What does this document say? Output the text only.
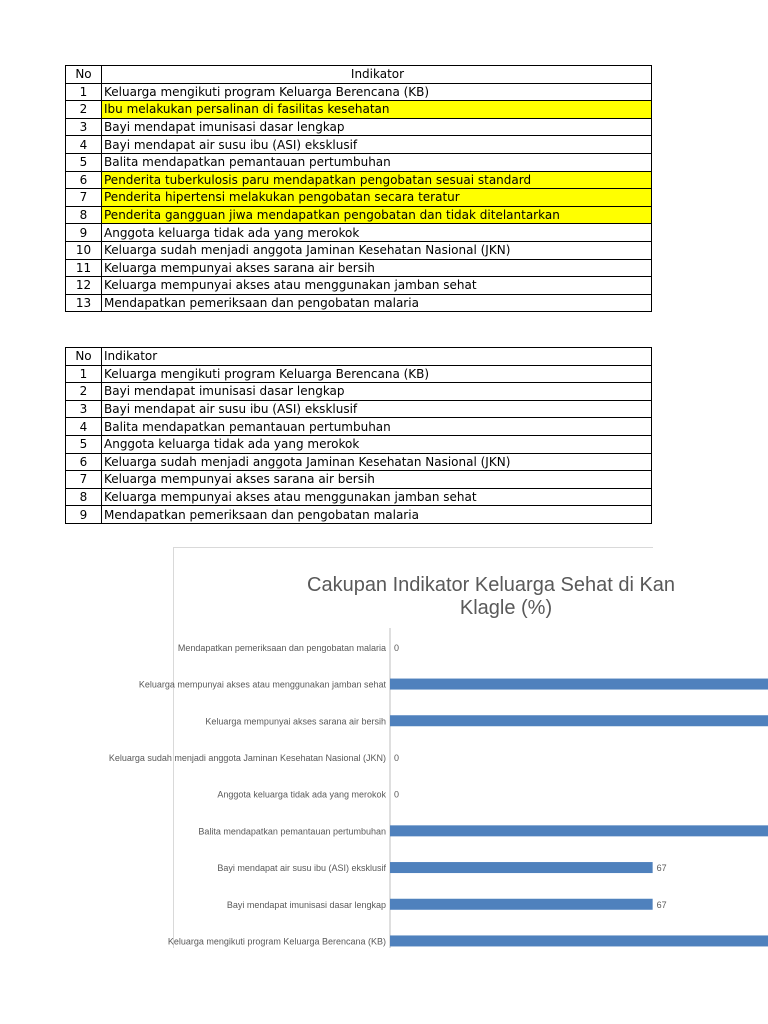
No	Indikator
1	Keluarga mengikuti program Keluarga Berencana (KB)
2	Ibu melakukan persalinan di fasilitas kesehatan
3	Bayi mendapat imunisasi dasar lengkap
4	Bayi mendapat air susu ibu (ASI) eksklusif
5	Balita mendapatkan pemantauan pertumbuhan
6	Penderita tuberkulosis paru mendapatkan pengobatan sesuai standard
7	Penderita hipertensi melakukan pengobatan secara teratur
8	Penderita gangguan jiwa mendapatkan pengobatan dan tidak ditelantarkan
9	Anggota keluarga tidak ada yang merokok
10	Keluarga sudah menjadi anggota Jaminan Kesehatan Nasional (JKN)
11	Keluarga mempunyai akses sarana air bersih
12	Keluarga mempunyai akses atau menggunakan jamban sehat
13	Mendapatkan pemeriksaan dan pengobatan malaria
No	Indikator
1	Keluarga mengikuti program Keluarga Berencana (KB)
2	Bayi mendapat imunisasi dasar lengkap
3	Bayi mendapat air susu ibu (ASI) eksklusif
4	Balita mendapatkan pemantauan pertumbuhan
5	Anggota keluarga tidak ada yang merokok
6	Keluarga sudah menjadi anggota Jaminan Kesehatan Nasional (JKN)
7	Keluarga mempunyai akses sarana air bersih
8	Keluarga mempunyai akses atau menggunakan jamban sehat
9	Mendapatkan pemeriksaan dan pengobatan malaria
Cakupan Indikator Keluarga Sehat di Kan
Klagle (%)
Mendapatkan pemeriksaan dan pengobatan malaria 0
Keluarga mempunyai akses atau menggunakan jamban sehat
Keluarga mempunyai akses sarana air bersih
Keluarga sudah menjadi anggota Jaminan Kesehatan Nasional (JKN) 0
Anggota keluarga tidak ada yang merokok 0
Balita mendapatkan pemantauan pertumbuhan
Bayi mendapat air susu ibu (ASI) eksklusif	67
Bayi mendapat imunisasi dasar lengkap	67
Keluarga mengikuti program Keluarga Berencana (KB)
